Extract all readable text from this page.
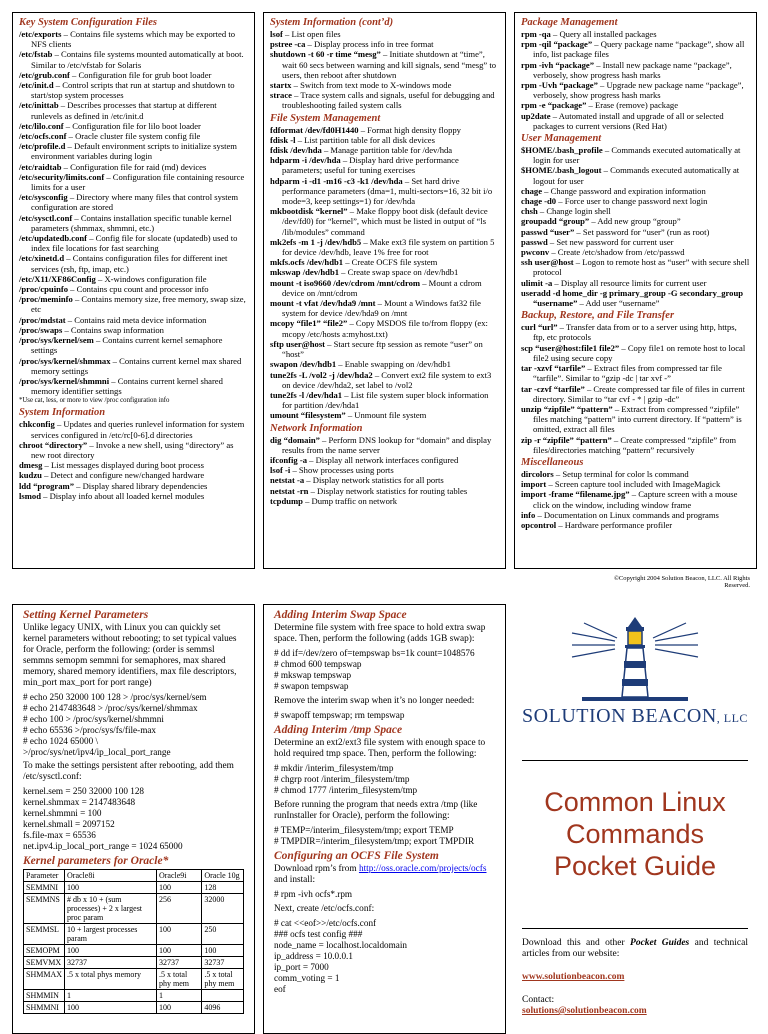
Key System Configuration Files
/etc/exports – Contains file systems which may be exported to NFS clients
/etc/fstab – Contains file systems mounted automatically at boot. Similar to /etc/vfstab for Solaris
/etc/grub.conf – Configuration file for grub boot loader
/etc/init.d – Control scripts that run at startup and shutdown to start/stop system processes
/etc/inittab – Describes processes that startup at different runlevels as defined in /etc/init.d
/etc/lilo.conf – Configuration file for lilo boot loader
/etc/ocfs.conf – Oracle cluster file system config file
/etc/profile.d – Default environment scripts to initialize system environment variables during login
/etc/raidtab – Configuration file for raid (md) devices
/etc/security/limits.conf – Configuration file containing resource limits for a user
/etc/sysconfig – Directory where many files that control system configuration are stored
/etc/sysctl.conf – Contains installation specific tunable kernel parameters (shmmax, shmmni, etc.)
/etc/updatedb.conf – Config file for slocate (updatedb) used to index file locations for fast searching
/etc/xinetd.d – Contains configuration files for different inet services (rsh, ftp, imap, etc.)
/etc/X11/XF86Config – X-windows configuration file
/proc/cpuinfo – Contains cpu count and processor info
/proc/meminfo – Contains memory size, free memory, swap size, etc
/proc/mdstat – Contains raid meta device information
/proc/swaps – Contains swap information
/proc/sys/kernel/sem – Contains current kernel semaphore settings
/proc/sys/kernel/shmmax – Contains current kernel max shared memory settings
/proc/sys/kernel/shmmni – Contains current kernel shared memory identifier settings
*Use cat, less, or more to view /proc configuration info
System Information
chkconfig – Updates and queries runlevel information for system services configured in /etc/rc[0-6].d directories
chroot “directory” – Invoke a new shell, using “directory” as new root directory
dmesg – List messages displayed during boot process
kudzu – Detect and configure new/changed hardware
ldd “program” – Display shared library dependencies
lsmod – Display info about all loaded kernel modules
System Information (cont’d)
lsof – List open files
pstree -ca – Display process info in tree format
shutdown -t 60 -r time “mesg” – Initiate shutdown at “time”, wait 60 secs between warning and kill signals, send “mesg” to users, then reboot after shutdown
startx – Switch from text mode to X-windows mode
strace – Trace system calls and signals, useful for debugging and troubleshooting failed system calls
File System Management
fdformat /dev/fd0H1440 – Format high density floppy
fdisk -l – List partition table for all disk devices
fdisk /dev/hda – Manage partition table for /dev/hda
hdparm -i /dev/hda – Display hard drive performance parameters; useful for tuning exercises
hdparm -i -d1 -m16 -c3 -k1 /dev/hda – Set hard drive performance parameters (dma=1, multi-sectors=16, 32 bit i/o mode=3, keep settings=1) for /dev/hda
mkbootdisk “kernel” – Make floppy boot disk (default device /dev/fd0) for “kernel”, which must be listed in output of “ls /lib/modules” command
mk2efs -m 1 -j /dev/hdb5 – Make ext3 file system on partition 5 for device /dev/hdb, leave 1% free for root
mkfs.ocfs /dev/hdb1 – Create OCFS file system
mkswap /dev/hdb1 – Create swap space on /dev/hdb1
mount -t iso9660 /dev/cdrom /mnt/cdrom – Mount a cdrom device on /mnt/cdrom
mount -t vfat /dev/hda9 /mnt – Mount a Windows fat32 file system for device /dev/hda9 on /mnt
mcopy “file1” “file2” – Copy MSDOS file to/from floppy (ex: mcopy /etc/hosts a:myhost.txt)
sftp user@host – Start secure ftp session as remote “user” on “host”
swapon /dev/hdb1 – Enable swapping on /dev/hdb1
tune2fs -L /vol2 -j /dev/hda2 – Convert ext2 file system to ext3 on device /dev/hda2, set label to /vol2
tune2fs -l /dev/hda1 – List file system super block information for partition /dev/hda1
umount “filesystem” – Unmount file system
Network Information
dig “domain” – Perform DNS lookup for “domain” and display results from the name server
ifconfig -a – Display all network interfaces configured
lsof -i – Show processes using ports
netstat -a – Display network statistics for all ports
netstat -rn – Display network statistics for routing tables
tcpdump – Dump traffic on network
Package Management
rpm -qa – Query all installed packages
rpm -qil “package” – Query package name “package”, show all info, list package files
rpm -ivh “package” – Install new package name “package”, verbosely, show progress hash marks
rpm -Uvh “package” – Upgrade new package name “package”, verbosely, show progress hash marks
rpm -e “package” – Erase (remove) package
up2date – Automated install and upgrade of all or selected packages to current versions (Red Hat)
User Management
$HOME/.bash_profile – Commands executed automatically at login for user
$HOME/.bash_logout – Commands executed automatically at logout for user
chage – Change password and expiration information
chage -d0 – Force user to change password next login
chsh – Change login shell
groupadd “group” – Add new group “group”
passwd “user” – Set password for “user” (run as root)
passwd – Set new password for current user
pwconv – Create /etc/shadow from /etc/passwd
ssh user@host – Logon to remote host as “user” with secure shell protocol
ulimit -a – Display all resource limits for current user
useradd -d home_dir -g primary_group -G secondary_group “username” – Add user “username”
Backup, Restore, and File Transfer
curl “url” – Transfer data from or to a server using http, https, ftp, etc protocols
scp “user@host:file1 file2” – Copy file1 on remote host to local file2 using secure copy
tar -xzvf “tarfile” – Extract files from compressed tar file “tarfile”. Similar to “gzip -dc | tar xvf -”
tar -czvf “tarfile” – Create compressed tar file of files in current directory. Similar to “tar cvf - * | gzip -dc”
unzip “zipfile” “pattern” – Extract from compressed “zipfile” files matching “pattern” into current directory. If “pattern” is omitted, extract all files
zip -r “zipfile” “pattern” – Create compressed “zipfile” from files/directories matching “pattern” recursively
Miscellaneous
dircolors – Setup terminal for color ls command
import – Screen capture tool included with ImageMagick
import -frame “filename.jpg” – Capture screen with a mouse click on the window, including window frame
info – Documentation on Linux commands and programs
opcontrol – Hardware performance profiler
©Copyright 2004 Solution Beacon, LLC. All Rights Reserved.
Setting Kernel Parameters

Unlike legacy UNIX, with Linux you can quickly set kernel parameters without rebooting; to set typical values for Oracle, perform the following: (order is semmsl semmns semopm semmni for semaphores, max shared memory, shared memory identifiers, max file descriptors, min_port max_port for port range)

# echo 250 32000 100 128 > /proc/sys/kernel/sem
# echo 2147483648 > /proc/sys/kernel/shmmax
# echo 100 > /proc/sys/kernel/shmmni
# echo 65536 >/proc/sys/fs/file-max
# echo 1024 65000 \
>/proc/sys/net/ipv4/ip_local_port_range

To make the settings persistent after rebooting, add them /etc/sysctl.conf:

kernel.sem = 250 32000 100 128
kernel.shmmax = 2147483648
kernel.shmmni = 100
kernel.shmall = 2097152
fs.file-max = 65536
net.ipv4.ip_local_port_range = 1024 65000
Kernel parameters for Oracle*
Parameter	Oracle8i	Oracle9i	Oracle 10g
SEMMNI	100	100	128
SEMMNS	# db x 10 + (sum processes) + 2 x largest proc param	256	32000
SEMMSL	10 + largest processes param	100	250
SEMOPM	100	100	100
SEMVMX	32737	32737	32737
SHMMAX	.5 x total phys memory	.5 x total phy mem	.5 x total phy mem
SHMMIN	1	1	
SHMMNI	100	100	4096
Adding Interim Swap Space

Determine file system with free space to hold extra swap space. Then, perform the following (adds 1GB swap):

# dd if=/dev/zero of=tempswap bs=1k count=1048576
# chmod 600 tempswap
# mkswap tempswap
# swapon tempswap

Remove the interim swap when it’s no longer needed:

# swapoff tempswap; rm tempswap
Adding Interim /tmp Space

Determine an ext2/ext3 file system with enough space to hold required tmp space. Then, perform the following:

# mkdir /interim_filesystem/tmp
# chgrp root /interim_filesystem/tmp
# chmod 1777 /interim_filesystem/tmp

Before running the program that needs extra /tmp (like runInstaller for Oracle), perform the following:

# TEMP=/interim_filesystem/tmp; export TEMP
# TMPDIR=/interim_filesystem/tmp; export TMPDIR
Configuring an OCFS File System

Download rpm’s from http://oss.oracle.com/projects/ocfs and install:

# rpm -ivh ocfs*.rpm

Next, create /etc/ocfs.conf:

# cat <<eof>>/etc/ocfs.conf
### ocfs test config ###
node_name = localhost.localdomain
ip_address = 10.0.0.1
ip_port = 7000
comm_voting = 1
eof
SOLUTION BEACON, LLC
Common Linux
Commands
Pocket Guide
Download this and other Pocket Guides and technical articles from our website:
www.solutionbeacon.com
Contact:
solutions@solutionbeacon.com
